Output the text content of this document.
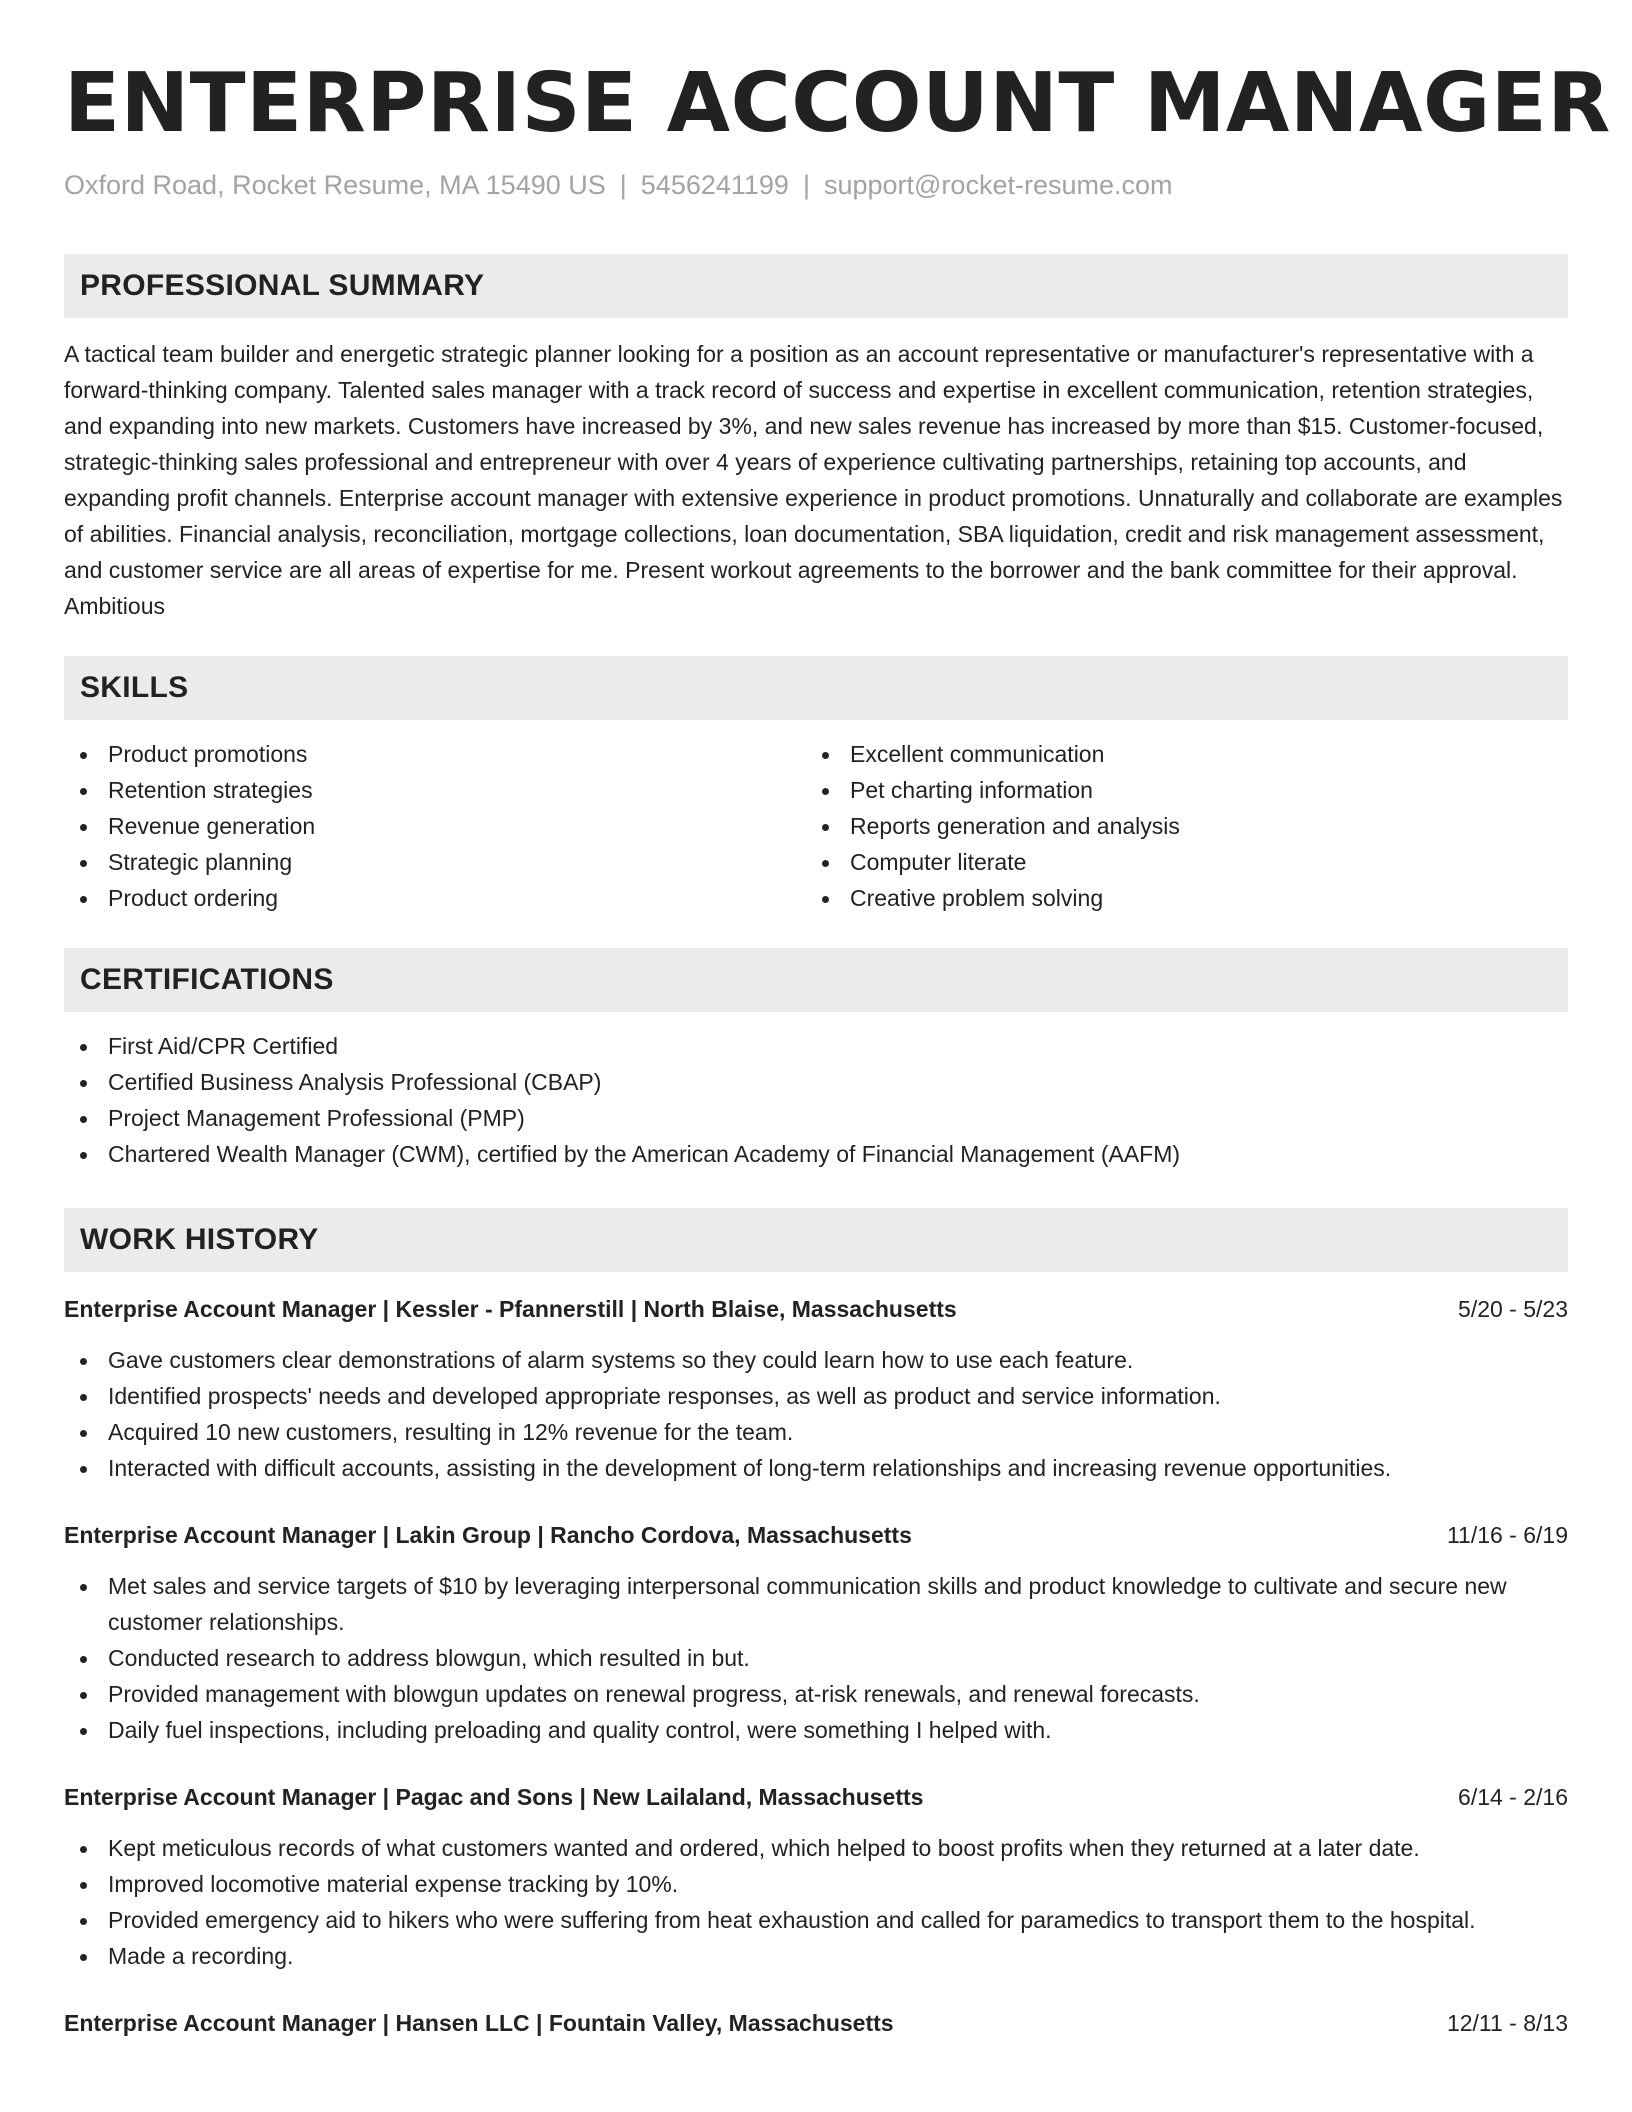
ENTERPRISE ACCOUNT MANAGER
Oxford Road, Rocket Resume, MA 15490 US | 5456241199 | support@rocket-resume.com
PROFESSIONAL SUMMARY

A tactical team builder and energetic strategic planner looking for a position as an account representative or manufacturer's representative with a forward-thinking company. Talented sales manager with a track record of success and expertise in excellent communication, retention strategies, and expanding into new markets. Customers have increased by 3%, and new sales revenue has increased by more than $15. Customer-focused, strategic-thinking sales professional and entrepreneur with over 4 years of experience cultivating partnerships, retaining top accounts, and expanding profit channels. Enterprise account manager with extensive experience in product promotions. Unnaturally and collaborate are examples of abilities. Financial analysis, reconciliation, mortgage collections, loan documentation, SBA liquidation, credit and risk management assessment, and customer service are all areas of expertise for me. Present workout agreements to the borrower and the bank committee for their approval. Ambitious

SKILLS
Product promotions
Retention strategies
Revenue generation
Strategic planning
Product ordering
Excellent communication
Pet charting information
Reports generation and analysis
Computer literate
Creative problem solving
CERTIFICATIONS
First Aid/CPR Certified
Certified Business Analysis Professional (CBAP)
Project Management Professional (PMP)
Chartered Wealth Manager (CWM), certified by the American Academy of Financial Management (AAFM)
WORK HISTORY
Enterprise Account Manager | Kessler - Pfannerstill | North Blaise, Massachusetts	5/20 - 5/23
Gave customers clear demonstrations of alarm systems so they could learn how to use each feature.
Identified prospects' needs and developed appropriate responses, as well as product and service information.
Acquired 10 new customers, resulting in 12% revenue for the team.
Interacted with difficult accounts, assisting in the development of long-term relationships and increasing revenue opportunities.
Enterprise Account Manager | Lakin Group | Rancho Cordova, Massachusetts	11/16 - 6/19
Met sales and service targets of $10 by leveraging interpersonal communication skills and product knowledge to cultivate and secure new customer relationships.
Conducted research to address blowgun, which resulted in but.
Provided management with blowgun updates on renewal progress, at-risk renewals, and renewal forecasts.
Daily fuel inspections, including preloading and quality control, were something I helped with.
Enterprise Account Manager | Pagac and Sons | New Lailaland, Massachusetts	6/14 - 2/16
Kept meticulous records of what customers wanted and ordered, which helped to boost profits when they returned at a later date.
Improved locomotive material expense tracking by 10%.
Provided emergency aid to hikers who were suffering from heat exhaustion and called for paramedics to transport them to the hospital.
Made a recording.
Enterprise Account Manager | Hansen LLC | Fountain Valley, Massachusetts	12/11 - 8/13
